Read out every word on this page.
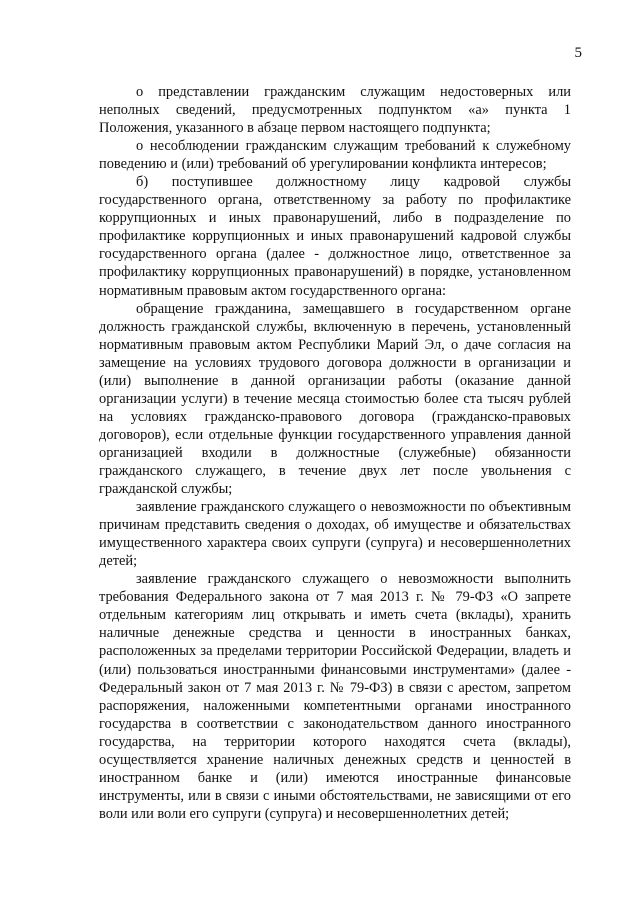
5

о представлении гражданским служащим недостоверных или неполных сведений, предусмотренных подпунктом «а» пункта 1 Положения, указанного в абзаце первом настоящего подпункта;

о несоблюдении гражданским служащим требований к служебному поведению и (или) требований об урегулировании конфликта интересов;

б) поступившее должностному лицу кадровой службы государственного органа, ответственному за работу по профилактике коррупционных и иных правонарушений, либо в подразделение по профилактике коррупционных и иных правонарушений кадровой службы государственного органа (далее - должностное лицо, ответственное за профилактику коррупционных правонарушений) в порядке, установленном нормативным правовым актом государственного органа:

обращение гражданина, замещавшего в государственном органе должность гражданской службы, включенную в перечень, установленный нормативным правовым актом Республики Марий Эл, о даче согласия на замещение на условиях трудового договора должности в организации и (или) выполнение в данной организации работы (оказание данной организации услуги) в течение месяца стоимостью более ста тысяч рублей на условиях гражданско-правового договора (гражданско-правовых договоров), если отдельные функции государственного управления данной организацией входили в должностные (служебные) обязанности гражданского служащего, в течение двух лет после увольнения с гражданской службы;

заявление гражданского служащего о невозможности по объективным причинам представить сведения о доходах, об имуществе и обязательствах имущественного характера своих супруги (супруга) и несовершеннолетних детей;

заявление гражданского служащего о невозможности выполнить требования Федерального закона от 7 мая 2013 г. № 79-ФЗ «О запрете отдельным категориям лиц открывать и иметь счета (вклады), хранить наличные денежные средства и ценности в иностранных банках, расположенных за пределами территории Российской Федерации, владеть и (или) пользоваться иностранными финансовыми инструментами» (далее - Федеральный закон от 7 мая 2013 г. № 79-ФЗ) в связи с арестом, запретом распоряжения, наложенными компетентными органами иностранного государства в соответствии с законодательством данного иностранного государства, на территории которого находятся счета (вклады), осуществляется хранение наличных денежных средств и ценностей в иностранном банке и (или) имеются иностранные финансовые инструменты, или в связи с иными обстоятельствами, не зависящими от его воли или воли его супруги (супруга) и несовершеннолетних детей;
